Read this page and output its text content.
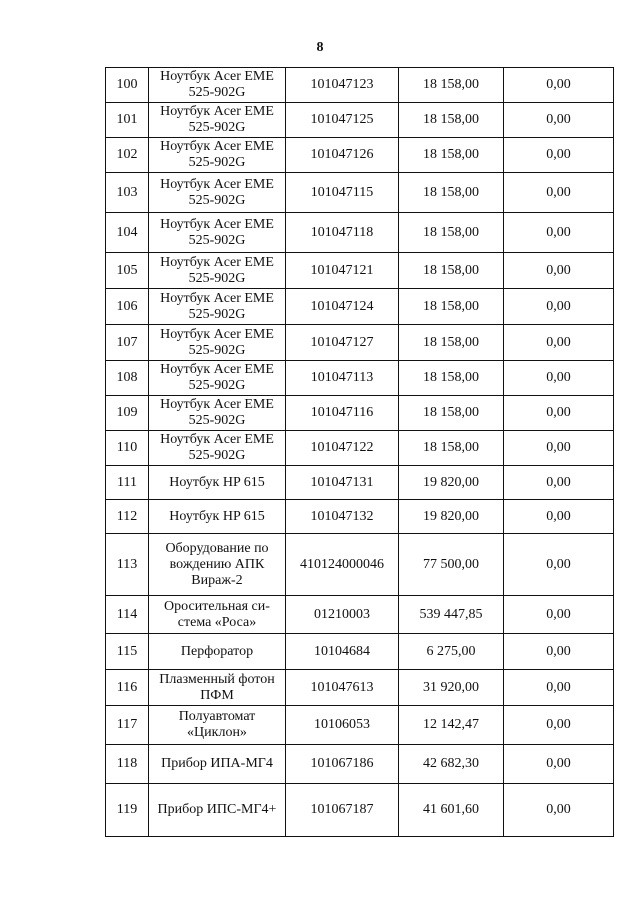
8
100	Ноутбук Acer EME 525-902G	101047123	18 158,00	0,00
101	Ноутбук Acer EME 525-902G	101047125	18 158,00	0,00
102	Ноутбук Acer EME 525-902G	101047126	18 158,00	0,00
103	Ноутбук Acer EME 525-902G	101047115	18 158,00	0,00
104	Ноутбук Acer EME 525-902G	101047118	18 158,00	0,00
105	Ноутбук Acer EME 525-902G	101047121	18 158,00	0,00
106	Ноутбук Acer EME 525-902G	101047124	18 158,00	0,00
107	Ноутбук Acer EME 525-902G	101047127	18 158,00	0,00
108	Ноутбук Acer EME 525-902G	101047113	18 158,00	0,00
109	Ноутбук Acer EME 525-902G	101047116	18 158,00	0,00
110	Ноутбук Acer EME 525-902G	101047122	18 158,00	0,00
111	Ноутбук HP 615	101047131	19 820,00	0,00
112	Ноутбук HP 615	101047132	19 820,00	0,00
113	Оборудование по вождению АПК Вираж-2	410124000046	77 500,00	0,00
114	Оросительная си-стема «Роса»	01210003	539 447,85	0,00
115	Перфоратор	10104684	6 275,00	0,00
116	Плазменный фотон ПФМ	101047613	31 920,00	0,00
117	Полуавтомат «Циклон»	10106053	12 142,47	0,00
118	Прибор ИПА-МГ4	101067186	42 682,30	0,00
119	Прибор ИПС-МГ4+	101067187	41 601,60	0,00
